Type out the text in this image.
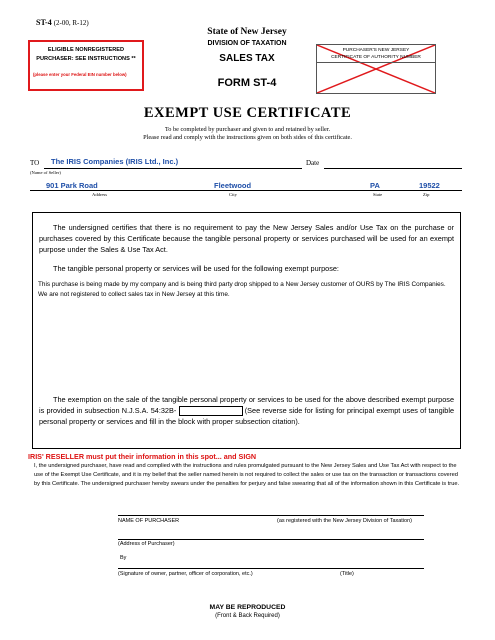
ST-4 (2-00, R-12)
ELIGIBLE NONREGISTERED
PURCHASER: SEE INSTRUCTIONS **
(please enter your Federal EIN number below)
State of New Jersey
DIVISION OF TAXATION
SALES TAX
FORM ST-4
PURCHASER'S NEW JERSEY
CERTIFICATE OF AUTHORITY NUMBER
EXEMPT USE CERTIFICATE
To be completed by purchaser and given to and retained by seller.
Please read and comply with the instructions given on both sides of this certificate.
TO The IRIS Companies (IRIS Ltd., Inc.)
(Name of Seller)
Date
901 Park Road	Fleetwood	PA	19522
Address	City	State	Zip
The undersigned certifies that there is no requirement to pay the New Jersey Sales and/or Use Tax on the purchase or purchases covered by this Certificate because the tangible personal property or services purchased will be used for an exempt purpose under the Sales & Use Tax Act.
The tangible personal property or services will be used for the following exempt purpose:
This purchase is being made by my company and is being third party drop shipped to a New Jersey customer of OURS by The IRIS Companies. We are not registered to collect sales tax in New Jersey at this time.
The exemption on the sale of the tangible personal property or services to be used for the above described exempt purpose is provided in subsection N.J.S.A. 54:32B-	(See reverse side for listing for principal exempt uses of tangible personal property or services and fill in the block with proper subsection citation).
IRIS' RESELLER must put their information in this spot... and SIGN
I, the undersigned purchaser, have read and complied with the instructions and rules promulgated pursuant to the New Jersey Sales and Use Tax Act with respect to the use of the Exempt Use Certificate, and it is my belief that the seller named herein is not required to collect the sales or use tax on the transaction or transactions covered by this Certificate. The undersigned purchaser hereby swears under the penalties for perjury and false swearing that all of the information shown in this Certificate is true.
NAME OF PURCHASER	(as registered with the New Jersey Division of Taxation)
(Address of Purchaser)
By
(Signature of owner, partner, officer of corporation, etc.)	(Title)
MAY BE REPRODUCED
(Front & Back Required)
